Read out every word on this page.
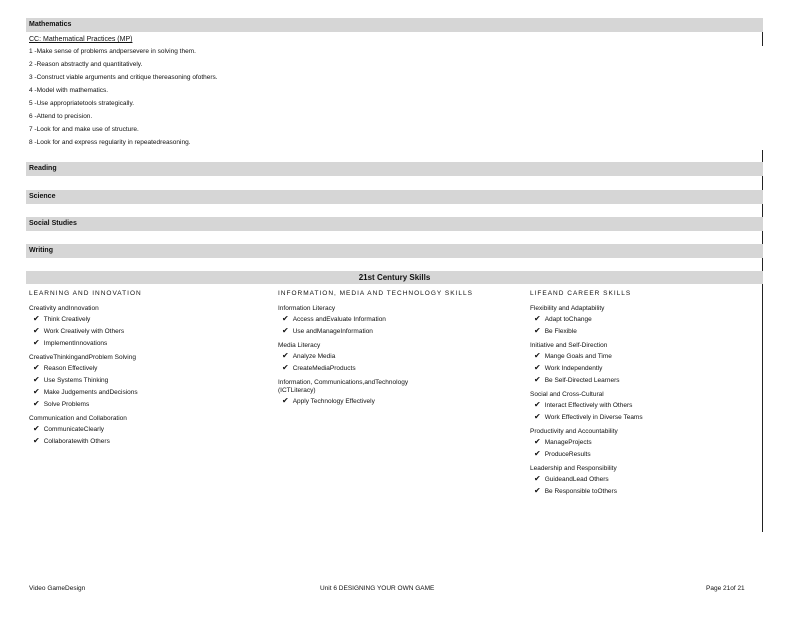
Mathematics
CC: Mathematical Practices (MP)
1 -Make sense of problems andpersevere in solving them.
2 -Reason abstractly and quantitatively.
3 -Construct viable arguments and critique thereasoning ofothers.
4 -Model with mathematics.
5 -Use appropriatetools strategically.
6 -Attend to precision.
7 -Look for and make use of structure.
8 -Look for and express regularity in repeatedreasoning.
Reading
Science
Social Studies
Writing
21st Century Skills
LEARNING AND INNOVATION
Creativity andInnovation
✔ Think Creatively
✔ Work Creatively with Others
✔ ImplementInnovations
CreativeThinkingandProblem Solving
✔ Reason Effectively
✔ Use Systems Thinking
✔ Make Judgements andDecisions
✔ Solve Problems
Communication and Collaboration
✔ CommunicateClearly
✔ Collaboratewith Others
INFORMATION, MEDIA AND TECHNOLOGY SKILLS
Information Literacy
✔ Access andEvaluate Information
✔ Use andManageInformation
Media Literacy
✔ Analyze Media
✔ CreateMediaProducts
Information, Communications,andTechnology
(ICTLiteracy)
✔ Apply Technology Effectively
LIFEAND CAREER SKILLS
Flexibility and Adaptability
✔ Adapt toChange
✔ Be Flexible
Initiative and Self-Direction
✔ Mange Goals and Time
✔ Work Independently
✔ Be Self-Directed Learners
Social and Cross-Cultural
✔ Interact Effectively with Others
✔ Work Effectively in Diverse Teams
Productivity and Accountability
✔ ManageProjects
✔ ProduceResults
Leadership and Responsibility
✔ GuideandLead Others
✔ Be Responsible toOthers
Video GameDesign	Unit 6 DESIGNING YOUR OWN GAME	Page 21of 21
